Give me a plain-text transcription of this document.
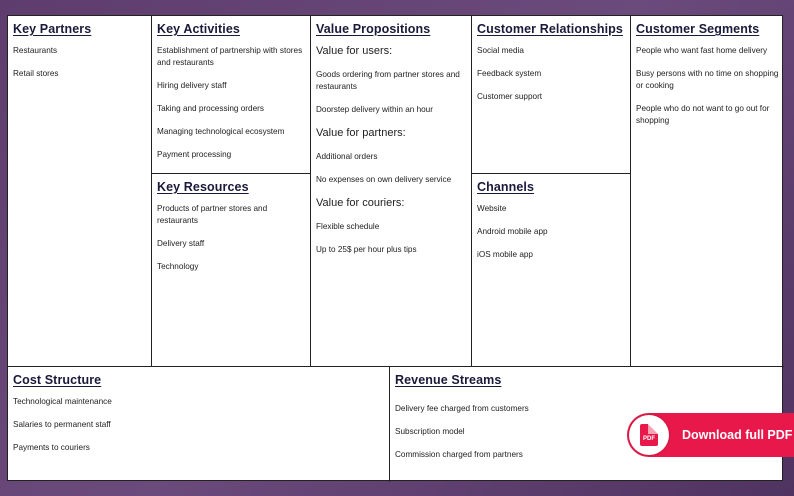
Key Partners
Restaurants
Retail stores
Key Activities
Establishment of partnership with stores and restaurants
Hiring delivery staff
Taking and processing orders
Managing technological ecosystem
Payment processing
Key Resources
Products of partner stores and restaurants
Delivery staff
Technology
Value Propositions
Value for users:
Goods ordering from partner stores and restaurants
Doorstep delivery within an hour
Value for partners:
Additional orders
No expenses on own delivery service
Value for couriers:
Flexible schedule
Up to 25$ per hour plus tips
Customer Relationships
Social media
Feedback system
Customer support
Channels
Website
Android mobile app
iOS mobile app
Customer Segments
People who want fast home delivery
Busy persons with no time on shopping or cooking
People who do not want to go out for shopping
Cost Structure
Technological maintenance
Salaries to permanent staff
Payments to couriers
Revenue Streams
Delivery fee charged from customers
Subscription model
Commission charged from partners
PDF Download full PDF
